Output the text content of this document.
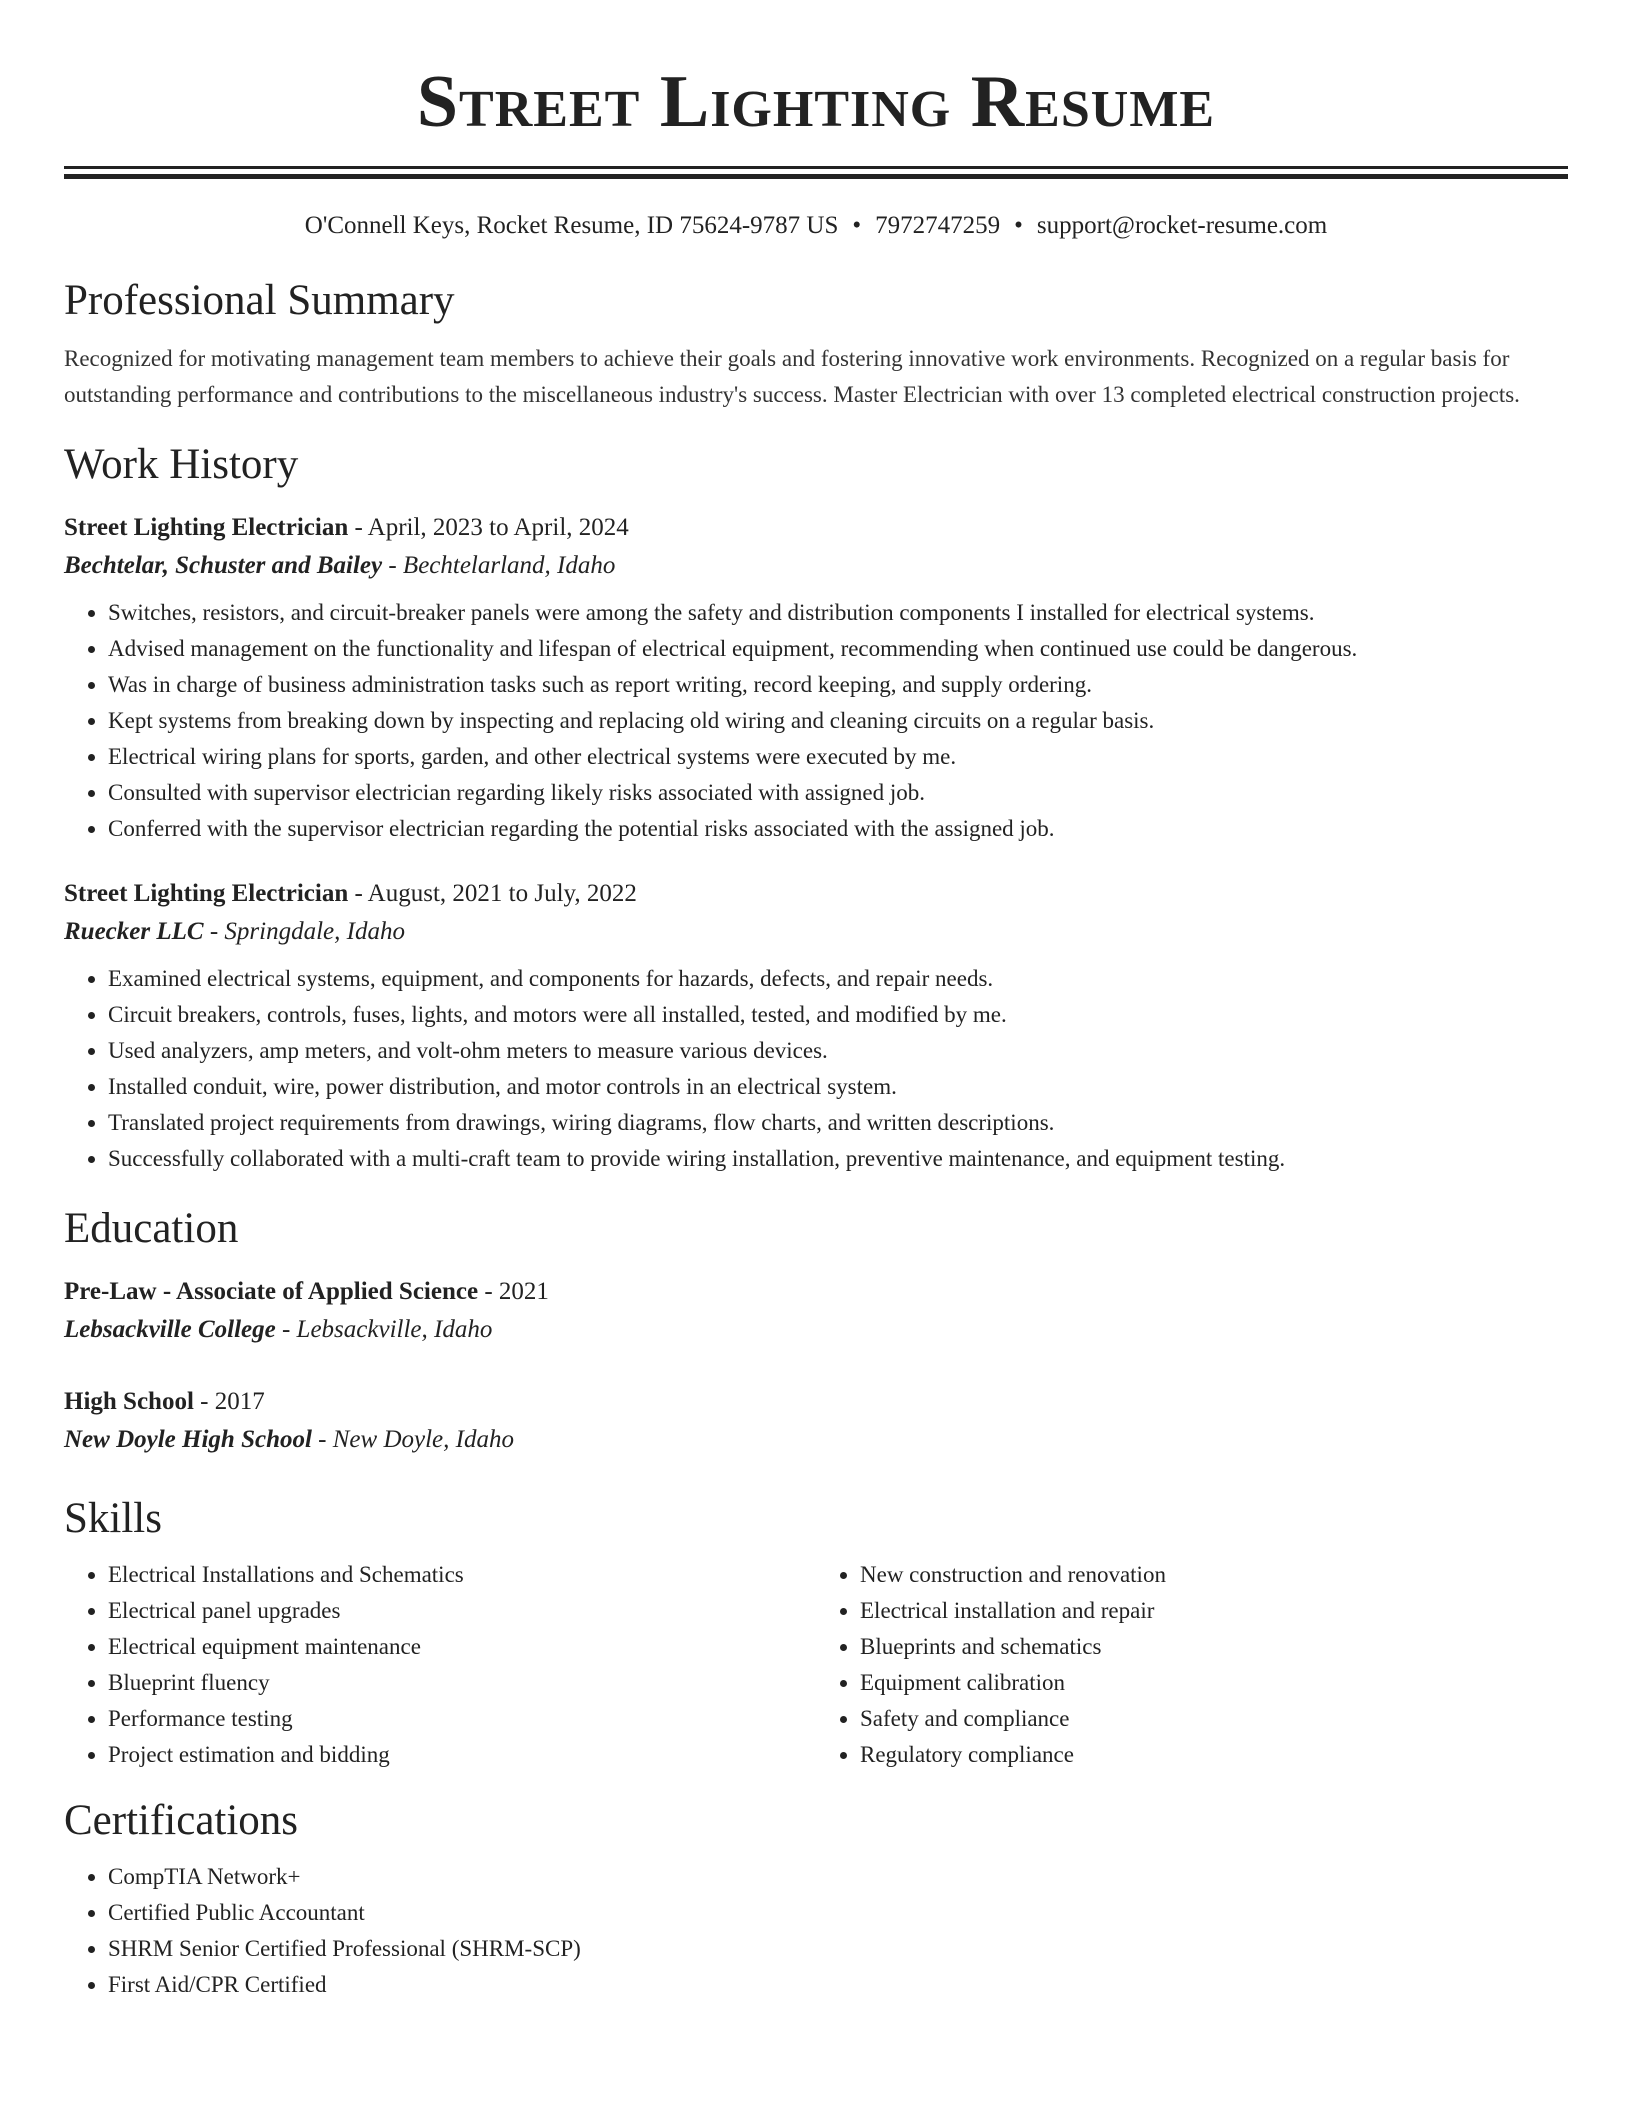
Street Lighting Resume
O'Connell Keys, Rocket Resume, ID 75624-9787 US • 7972747259 • support@rocket-resume.com
Professional Summary
Recognized for motivating management team members to achieve their goals and fostering innovative work environments. Recognized on a regular basis for outstanding performance and contributions to the miscellaneous industry's success. Master Electrician with over 13 completed electrical construction projects.
Work History
Street Lighting Electrician - April, 2023 to April, 2024
Bechtelar, Schuster and Bailey - Bechtelarland, Idaho
• Switches, resistors, and circuit-breaker panels were among the safety and distribution components I installed for electrical systems.
• Advised management on the functionality and lifespan of electrical equipment, recommending when continued use could be dangerous.
• Was in charge of business administration tasks such as report writing, record keeping, and supply ordering.
• Kept systems from breaking down by inspecting and replacing old wiring and cleaning circuits on a regular basis.
• Electrical wiring plans for sports, garden, and other electrical systems were executed by me.
• Consulted with supervisor electrician regarding likely risks associated with assigned job.
• Conferred with the supervisor electrician regarding the potential risks associated with the assigned job.
Street Lighting Electrician - August, 2021 to July, 2022
Ruecker LLC - Springdale, Idaho
• Examined electrical systems, equipment, and components for hazards, defects, and repair needs.
• Circuit breakers, controls, fuses, lights, and motors were all installed, tested, and modified by me.
• Used analyzers, amp meters, and volt-ohm meters to measure various devices.
• Installed conduit, wire, power distribution, and motor controls in an electrical system.
• Translated project requirements from drawings, wiring diagrams, flow charts, and written descriptions.
• Successfully collaborated with a multi-craft team to provide wiring installation, preventive maintenance, and equipment testing.
Education
Pre-Law - Associate of Applied Science - 2021
Lebsackville College - Lebsackville, Idaho
High School - 2017
New Doyle High School - New Doyle, Idaho
Skills
• Electrical Installations and Schematics
• Electrical panel upgrades
• Electrical equipment maintenance
• Blueprint fluency
• Performance testing
• Project estimation and bidding
• New construction and renovation
• Electrical installation and repair
• Blueprints and schematics
• Equipment calibration
• Safety and compliance
• Regulatory compliance
Certifications
• CompTIA Network+
• Certified Public Accountant
• SHRM Senior Certified Professional (SHRM-SCP)
• First Aid/CPR Certified
